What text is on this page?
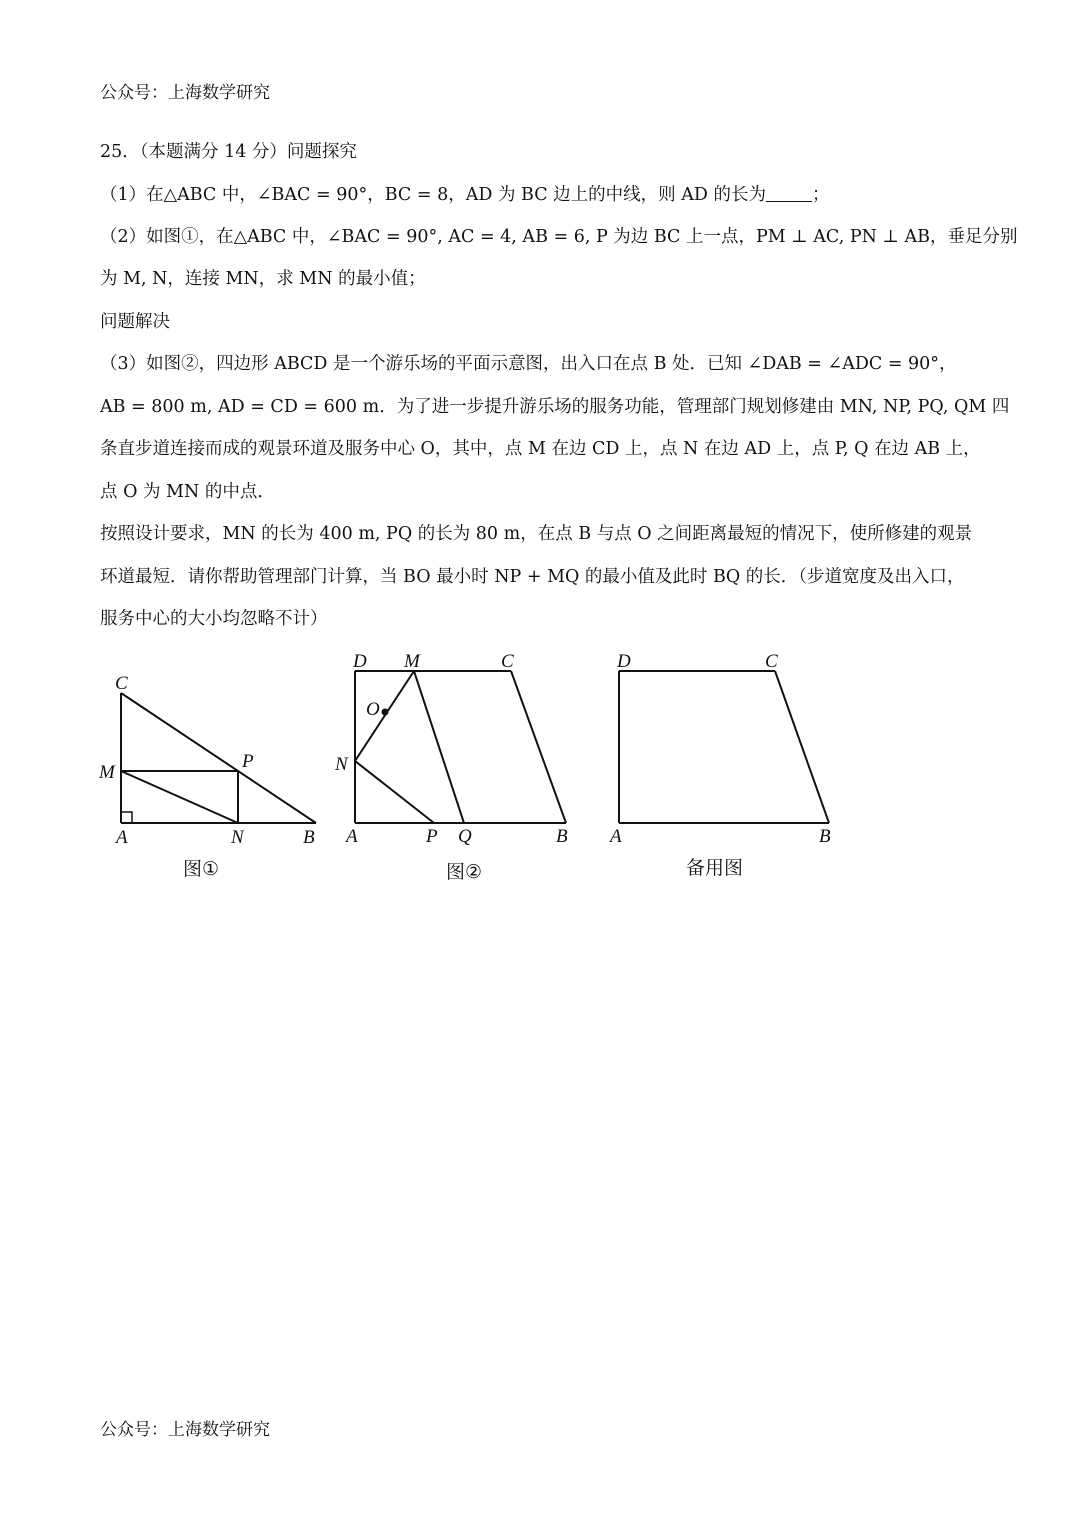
公众号：上海数学研究
25．（本题满分 14 分）问题探究
（1）在△ABC 中，∠BAC = 90°，BC = 8，AD 为 BC 边上的中线，则 AD 的长为	；
（2）如图①，在△ABC 中，∠BAC = 90°, AC = 4, AB = 6, P 为边 BC 上一点，PM ⊥ AC, PN ⊥ AB，垂足分别
为 M, N，连接 MN，求 MN 的最小值；
问题解决
（3）如图②，四边形 ABCD 是一个游乐场的平面示意图，出入口在点 B 处．已知 ∠DAB = ∠ADC = 90°，
AB = 800 m, AD = CD = 600 m．为了进一步提升游乐场的服务功能，管理部门规划修建由 MN, NP, PQ, QM 四
条直步道连接而成的观景环道及服务中心 O，其中，点 M 在边 CD 上，点 N 在边 AD 上，点 P, Q 在边 AB 上，
点 O 为 MN 的中点．
按照设计要求，MN 的长为 400 m, PQ 的长为 80 m，在点 B 与点 O 之间距离最短的情况下，使所修建的观景
环道最短．请你帮助管理部门计算，当 BO 最小时 NP + MQ 的最小值及此时 BQ 的长．（步道宽度及出入口，
服务中心的大小均忽略不计）
C
M
P
A	N	B
图①
D M	C
O
N
A	P Q	B
图②
D	C
A	B
备用图
公众号：上海数学研究
